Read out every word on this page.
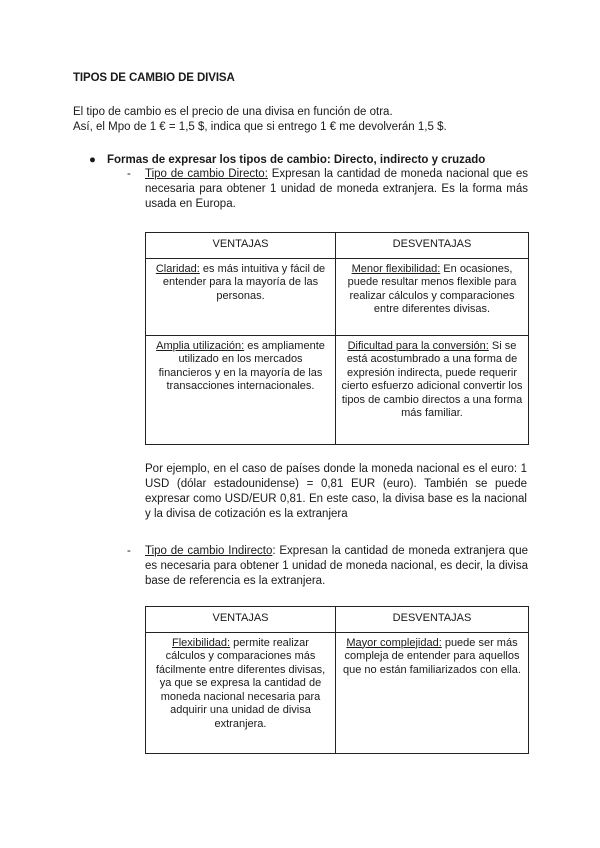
TIPOS DE CAMBIO DE DIVISA

El tipo de cambio es el precio de una divisa en función de otra.

Así, el Mpo de 1 € = 1,5 $, indica que si entrego 1 € me devolverán 1,5 $.

● Formas de expresar los tipos de cambio: Directo, indirecto y cruzado
- Tipo de cambio Directo: Expresan la cantidad de moneda nacional que es necesaria para obtener 1 unidad de moneda extranjera. Es la forma más usada en Europa.
VENTAJAS	DESVENTAJAS
Claridad: es más intuitiva y fácil de entender para la mayoría de las personas.	Menor flexibilidad: En ocasiones, puede resultar menos flexible para realizar cálculos y comparaciones entre diferentes divisas.
Amplia utilización: es ampliamente utilizado en los mercados financieros y en la mayoría de las transacciones internacionales.	Dificultad para la conversión: Si se está acostumbrado a una forma de expresión indirecta, puede requerir cierto esfuerzo adicional convertir los tipos de cambio directos a una forma más familiar.

Por ejemplo, en el caso de países donde la moneda nacional es el euro: 1 USD (dólar estadounidense) = 0,81 EUR (euro). También se puede expresar como USD/EUR 0,81. En este caso, la divisa base es la nacional y la divisa de cotización es la extranjera

- Tipo de cambio Indirecto: Expresan la cantidad de moneda extranjera que es necesaria para obtener 1 unidad de moneda nacional, es decir, la divisa base de referencia es la extranjera.
VENTAJAS	DESVENTAJAS
Flexibilidad: permite realizar cálculos y comparaciones más fácilmente entre diferentes divisas, ya que se expresa la cantidad de moneda nacional necesaria para adquirir una unidad de divisa extranjera.	Mayor complejidad: puede ser más compleja de entender para aquellos que no están familiarizados con ella.
